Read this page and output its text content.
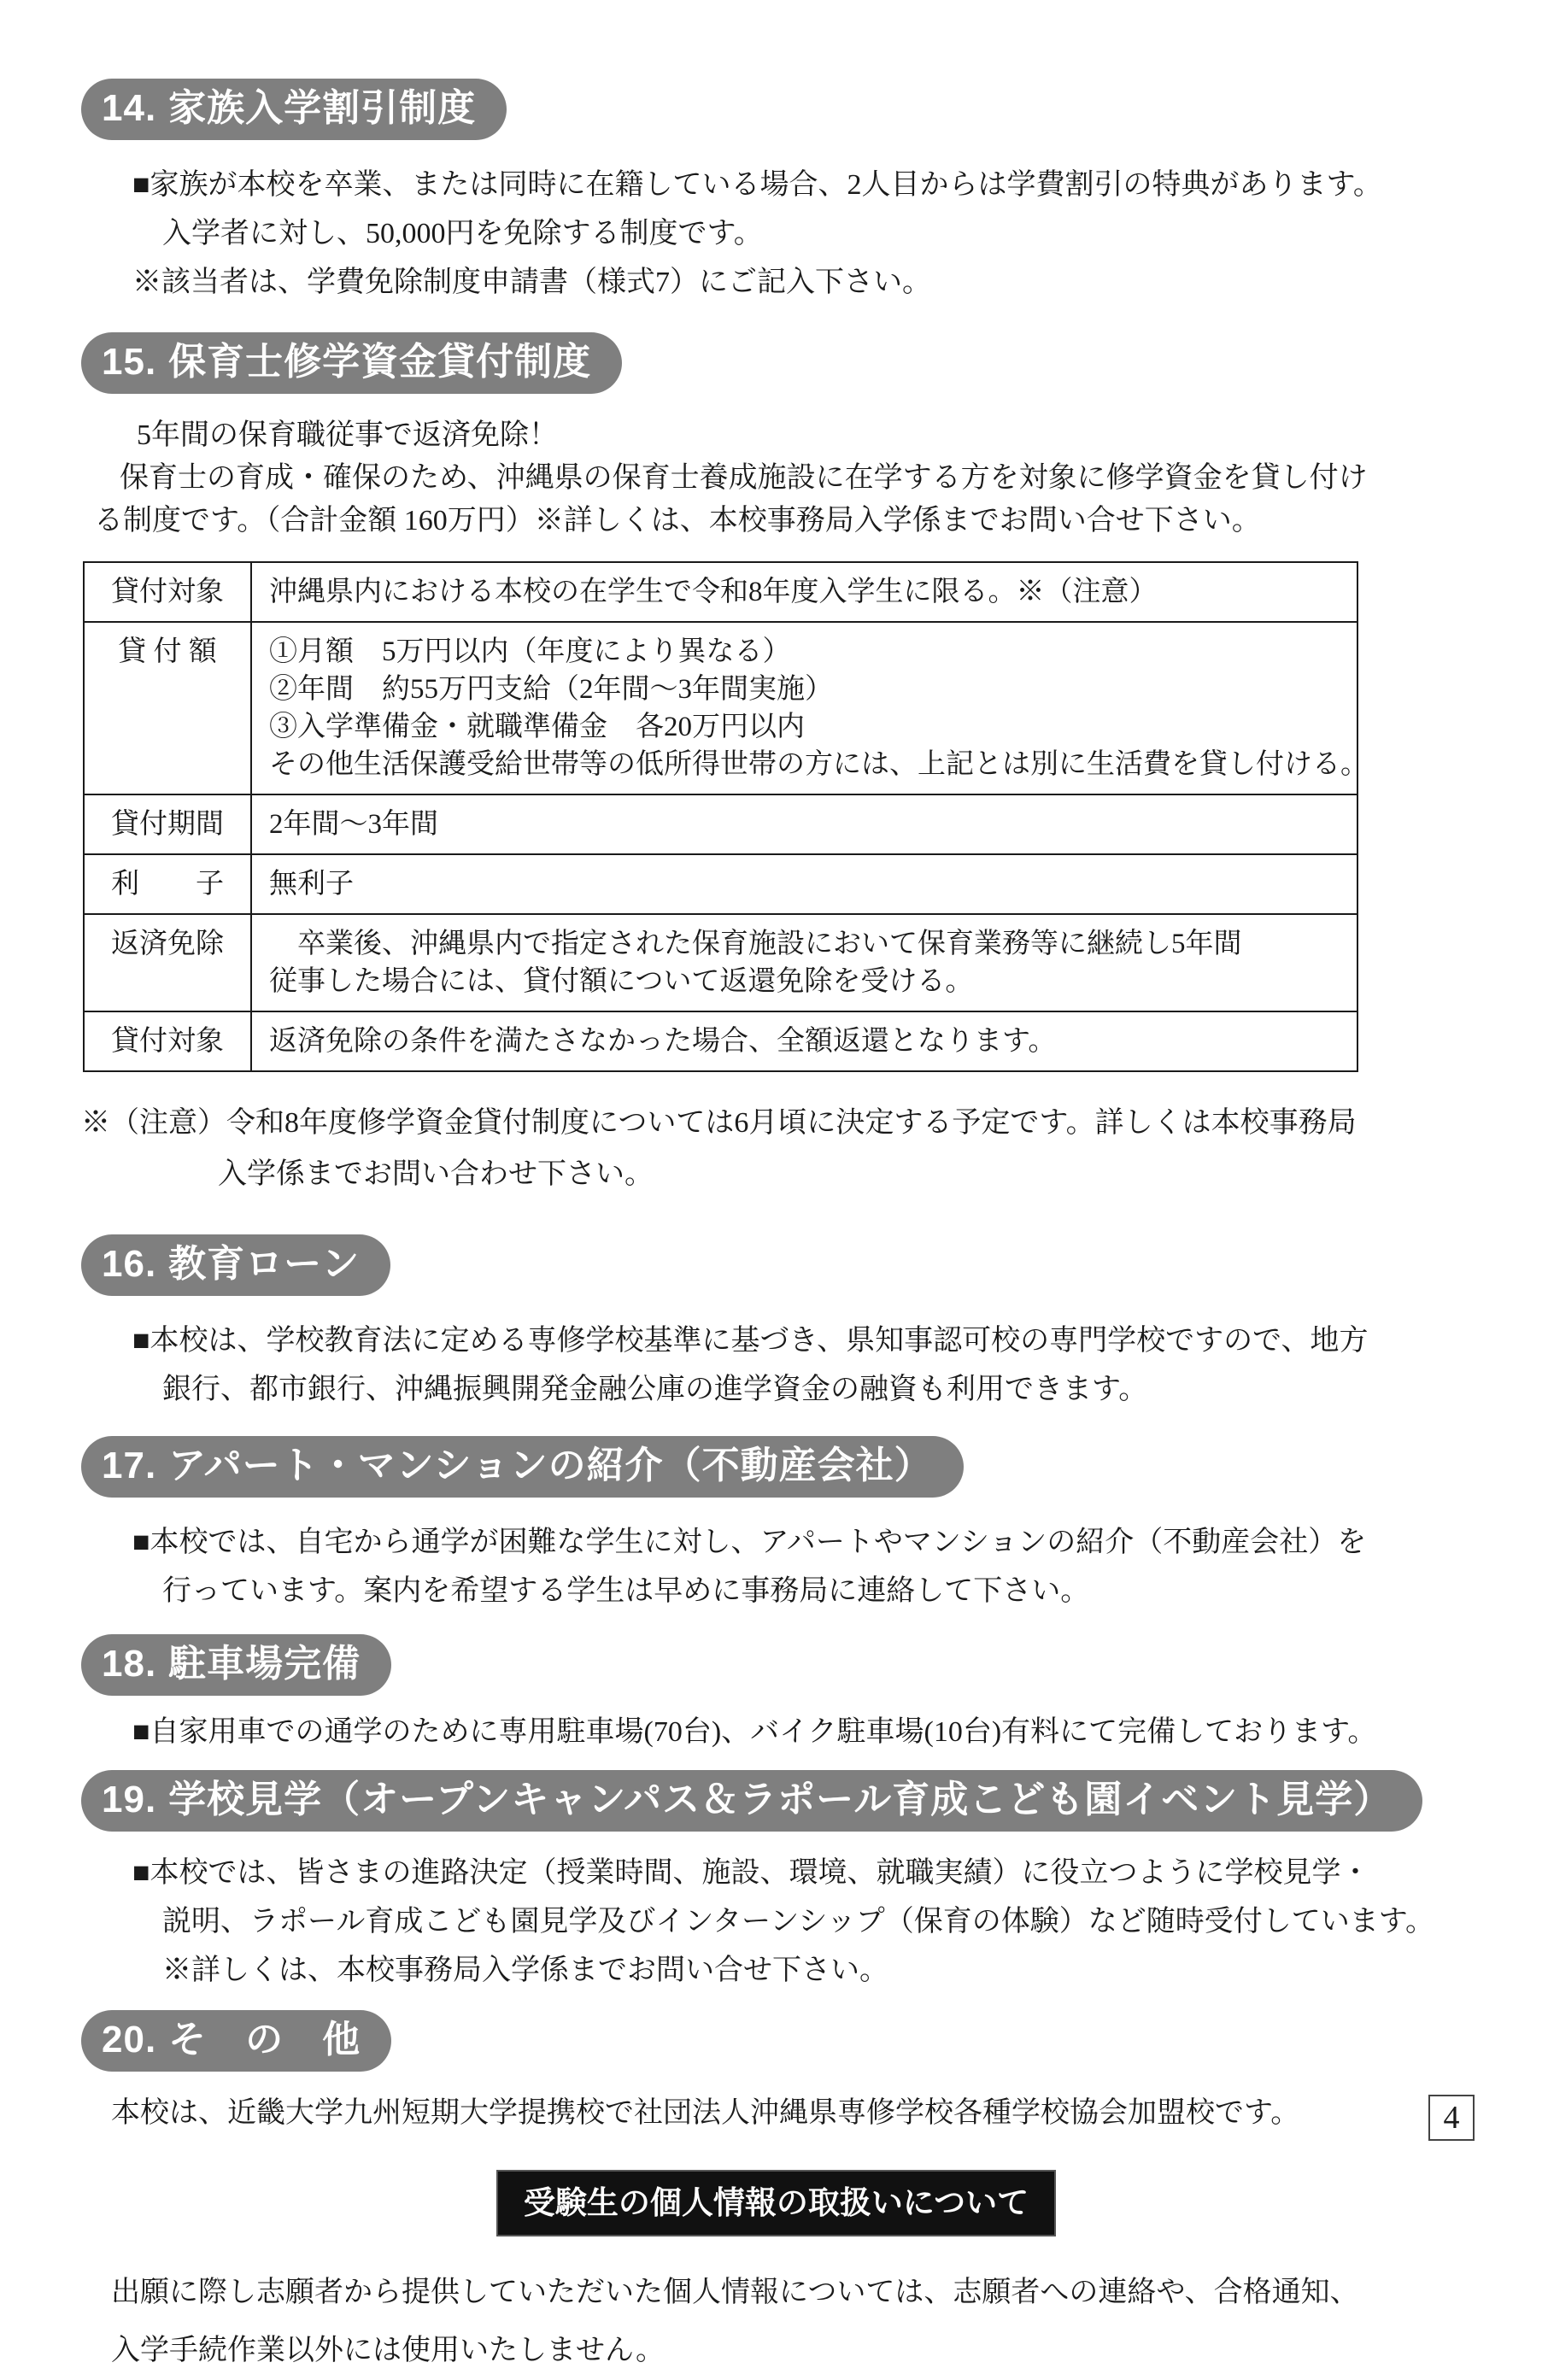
14. 家族入学割引制度
■家族が本校を卒業、または同時に在籍している場合、2人目からは学費割引の特典があります。
入学者に対し、50,000円を免除する制度です。
※該当者は、学費免除制度申請書（様式7）にご記入下さい。
15. 保育士修学資金貸付制度
5年間の保育職従事で返済免除！
保育士の育成・確保のため、沖縄県の保育士養成施設に在学する方を対象に修学資金を貸し付け
る制度です。（合計金額 160万円）※詳しくは、本校事務局入学係までお問い合せ下さい。
貸付対象	沖縄県内における本校の在学生で令和8年度入学生に限る。※（注意）

貸 付 額	①月額　5万円以内（年度により異なる）
②年間　約55万円支給（2年間～3年間実施）
③入学準備金・就職準備金　各20万円以内
その他生活保護受給世帯等の低所得世帯の方には、上記とは別に生活費を貸し付ける。

貸付期間	2年間～3年間

利　　子	無利子

返済免除	　卒業後、沖縄県内で指定された保育施設において保育業務等に継続し5年間
従事した場合には、貸付額について返還免除を受ける。

貸付対象	返済免除の条件を満たさなかった場合、全額返還となります。
※（注意）令和8年度修学資金貸付制度については6月頃に決定する予定です。詳しくは本校事務局
入学係までお問い合わせ下さい。
16. 教育ローン
■本校は、学校教育法に定める専修学校基準に基づき、県知事認可校の専門学校ですので、地方
銀行、都市銀行、沖縄振興開発金融公庫の進学資金の融資も利用できます。
17. アパート・マンションの紹介（不動産会社）
■本校では、自宅から通学が困難な学生に対し、アパートやマンションの紹介（不動産会社）を
行っています。案内を希望する学生は早めに事務局に連絡して下さい。
18. 駐車場完備
■自家用車での通学のために専用駐車場(70台)、バイク駐車場(10台)有料にて完備しております。
19. 学校見学（オープンキャンパス＆ラポール育成こども園イベント見学）
■本校では、皆さまの進路決定（授業時間、施設、環境、就職実績）に役立つように学校見学・
説明、ラポール育成こども園見学及びインターンシップ（保育の体験）など随時受付しています。
※詳しくは、本校事務局入学係までお問い合せ下さい。
20. そ　の　他
本校は、近畿大学九州短期大学提携校で社団法人沖縄県専修学校各種学校協会加盟校です。
受験生の個人情報の取扱いについて
出願に際し志願者から提供していただいた個人情報については、志願者への連絡や、合格通知、
入学手続作業以外には使用いたしません。
4
